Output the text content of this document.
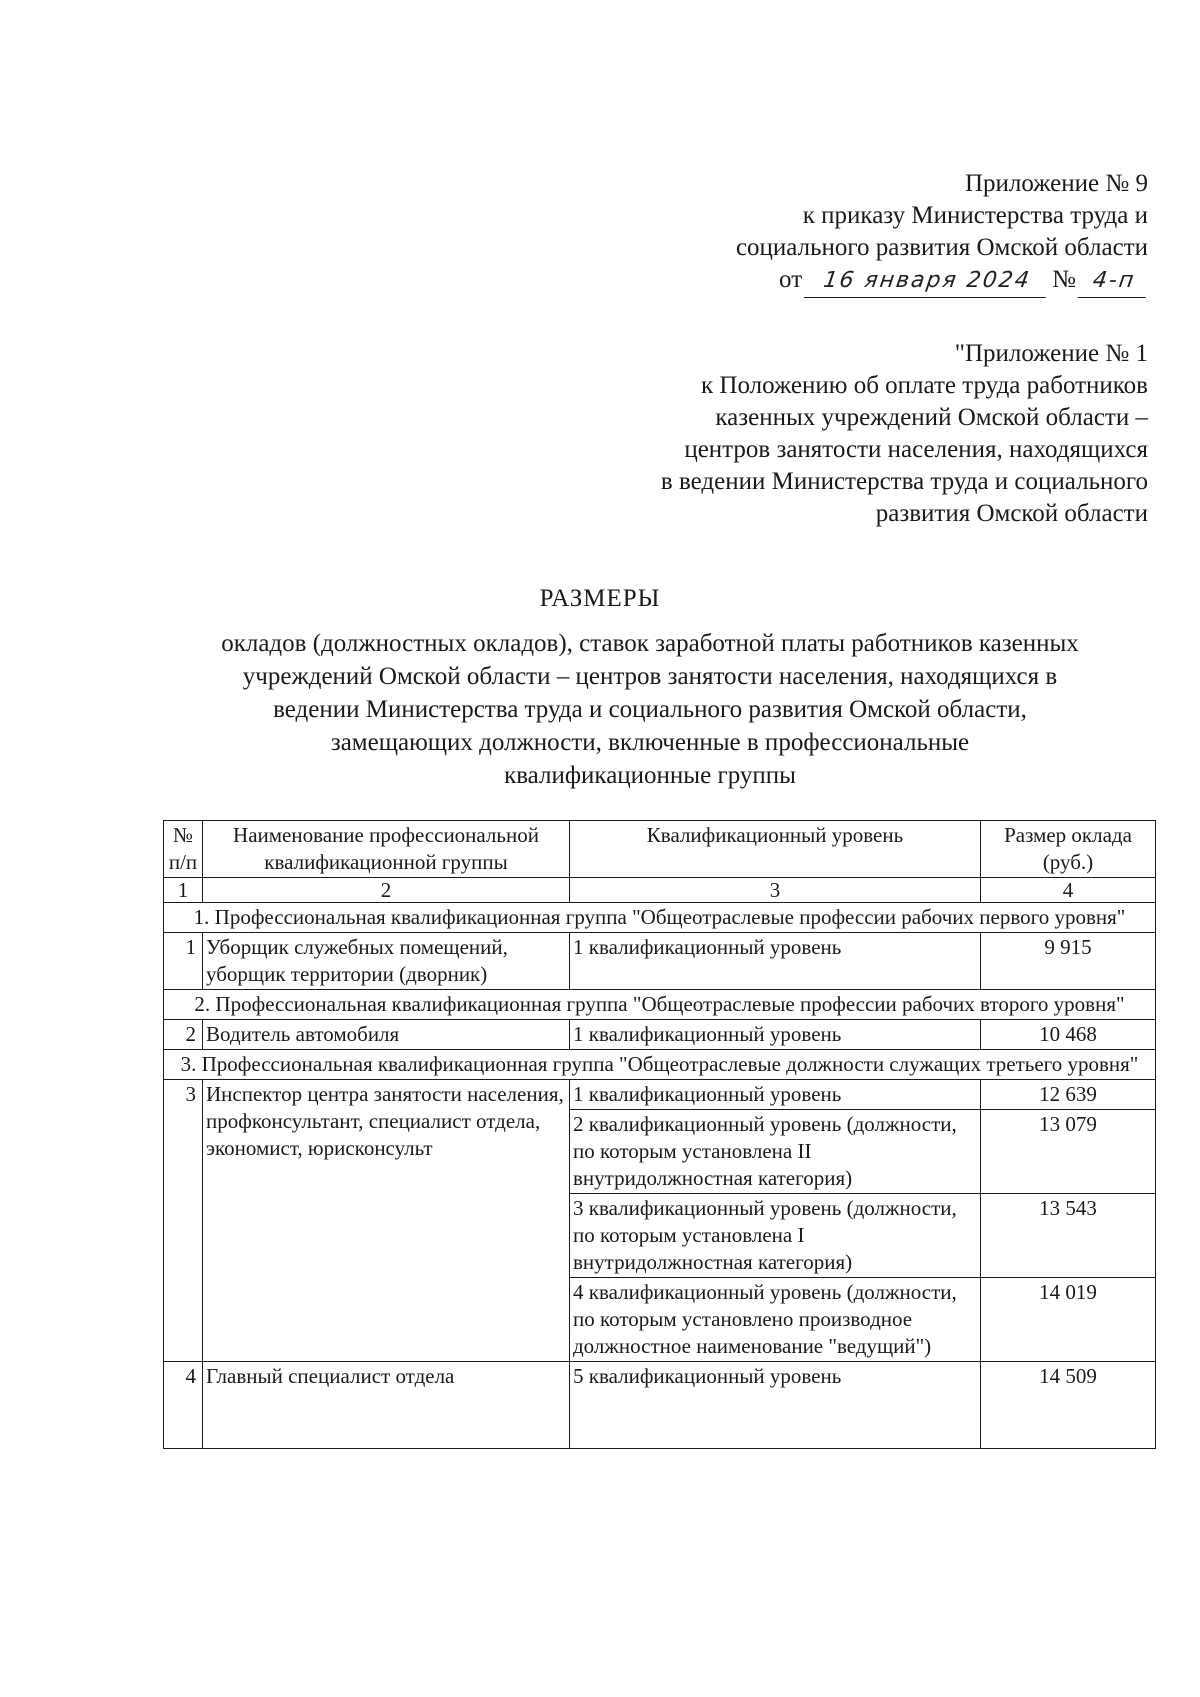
Приложение № 9
к приказу Министерства труда и
социального развития Омской области
от 16 января 2024 № 4-п
"Приложение № 1
к Положению об оплате труда работников
казенных учреждений Омской области –
центров занятости населения, находящихся
в ведении Министерства труда и социального
развития Омской области
РАЗМЕРЫ
окладов (должностных окладов), ставок заработной платы работников казенных
учреждений Омской области – центров занятости населения, находящихся в
ведении Министерства труда и социального развития Омской области,
замещающих должности, включенные в профессиональные
квалификационные группы
№ п/п	Наименование профессиональной квалификационной группы	Квалификационный уровень	Размер оклада (руб.)
1	2	3	4
1. Профессиональная квалификационная группа "Общеотраслевые профессии рабочих первого уровня"			
1	Уборщик служебных помещений, уборщик территории (дворник)	1 квалификационный уровень	9 915
2. Профессиональная квалификационная группа "Общеотраслевые профессии рабочих второго уровня"			
2	Водитель автомобиля	1 квалификационный уровень	10 468
3. Профессиональная квалификационная группа "Общеотраслевые должности служащих третьего уровня"			
3	Инспектор центра занятости населения, профконсультант, специалист отдела, экономист, юрисконсульт	1 квалификационный уровень	12 639
		2 квалификационный уровень (должности, по которым установлена II внутридолжностная категория)	13 079
		3 квалификационный уровень (должности, по которым установлена I внутридолжностная категория)	13 543
		4 квалификационный уровень (должности, по которым установлено производное должностное наименование "ведущий")	14 019
4	Главный специалист отдела	5 квалификационный уровень	14 509
